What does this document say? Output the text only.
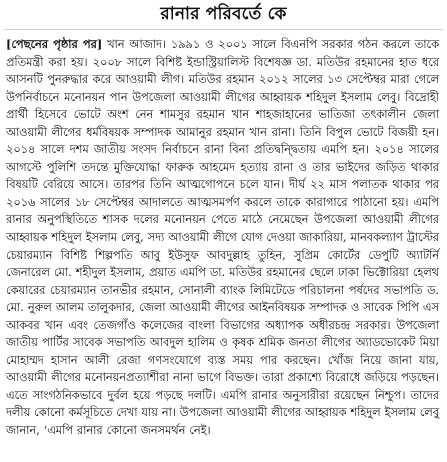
রানার পরিবর্তে কে
[পেছনের পৃষ্ঠার পর] খান আজাদ। ১৯৯১ ও ২০০১ সালে বিএনপি সরকার গঠন করলে তাকে প্রতিমন্ত্রী করা হয়। ২০০৮ সালে বিশিষ্ট ইন্ডাস্ট্রিয়ালিস্ট বিশেষজ্ঞ ডা. মতিউর রহমানের হাত ধরে আসনটি পুনরুদ্ধার করে আওয়ামী লীগ। মতিউর রহমান ২০১২ সালের ১৩ সেপ্টেম্বর মারা গেলে উপনির্বাচনে মনোনয়ন পান উপজেলা আওয়ামী লীগের আহ্বায়ক শহিদুল ইসলাম লেবু। বিদ্রোহী প্রার্থী হিসেবে ভোটে অংশ নেন শামসুর রহমান খান শাহজাহানের ভাতিজা তৎকালীন জেলা আওয়ামী লীগের ধর্মবিষয়ক সম্পাদক আমানুর রহমান খান রানা। তিনি বিপুল ভোটে বিজয়ী হন। ২০১৪ সালে দশম জাতীয় সংসদ নির্বাচনে রানা বিনা প্রতিদ্বন্দ্বিতায় এমপি হন। ২০১৪ সালের আগস্টে পুলিশি তদন্তে মুক্তিযোদ্ধা ফারুক আহমেদ হত্যায় রানা ও তার ভাইদের জড়িত থাকার বিষয়টি বেরিয়ে আসে। তারপর তিনি আত্মগোপনে চলে যান। দীর্ঘ ২২ মাস পলাতক থাকার পর ২০১৬ সালের ১৮ সেপ্টেম্বর আদালতে আত্মসমর্পণ করলে তাকে কারাগারে পাঠানো হয়। এমপি রানার অনুপস্থিতিতে শাসক দলের মনোনয়ন পেতে মাঠে নেমেছেন উপজেলা আওয়ামী লীগের আহ্বায়ক শহিদুল ইসলাম লেবু, সদ্য আওয়ামী লীগে যোগ দেওয়া জাকারিয়া, মানবকল্যাণ ট্রাস্টের চেয়ারম্যান বিশিষ্ট শিল্পপতি আবু ইউসুফ আবদুল্লাহ তুহিন, সুপ্রিম কোর্টের ডেপুটি অ্যাটর্নি জেনারেল মো. শহীদুল ইসলাম, প্রয়াত এমপি ডা. মতিউর রহমানের ছেলে ঢাকা ভিক্টোরিয়া হেলথ কেয়ারের চেয়ারম্যান তানভীর রহমান, সোনালী ব্যাংক লিমিটেডে পরিচালনা পর্ষদের সভাপতি ড. মো. নুরুল আলম তালুকদার, জেলা আওয়ামী লীগের আইনবিষয়ক সম্পাদক ও সাবেক পিপি এস আকবর খান এবং তেজগাঁও কলেজের বাংলা বিভাগের অধ্যাপক অধীরচন্দ্র সরকার। উপজেলা জাতীয় পার্টির সাবেক সভাপতি আবদুল হালিম ও কৃষক শ্রমিক জনতা লীগের অ্যাডভোকেট মিয়া মোহাম্মদ হাসান আলী রেজা গণসংযোগে ব্যস্ত সময় পার করছেন। খোঁজ নিয়ে জানা যায়, আওয়ামী লীগের মনোনয়নপ্রত্যাশীরা নানা ভাগে বিভক্ত। তারা প্রকাশ্যে বিরোধে জড়িয়ে পড়ছেন। এতে সাংগঠনিকভাবে দুর্বল হয়ে পড়ছে দলটি। এমপি রানার অনুসারীরা রয়েছেন নিশ্চুপ। তাদের দলীয় কোনো কর্মসূচিতে দেখা যায় না। উপজেলা আওয়ামী লীগের আহ্বায়ক শহিদুল ইসলাম লেবু জানান, ‘এমপি রানার কোনো জনসমর্থন নেই।
